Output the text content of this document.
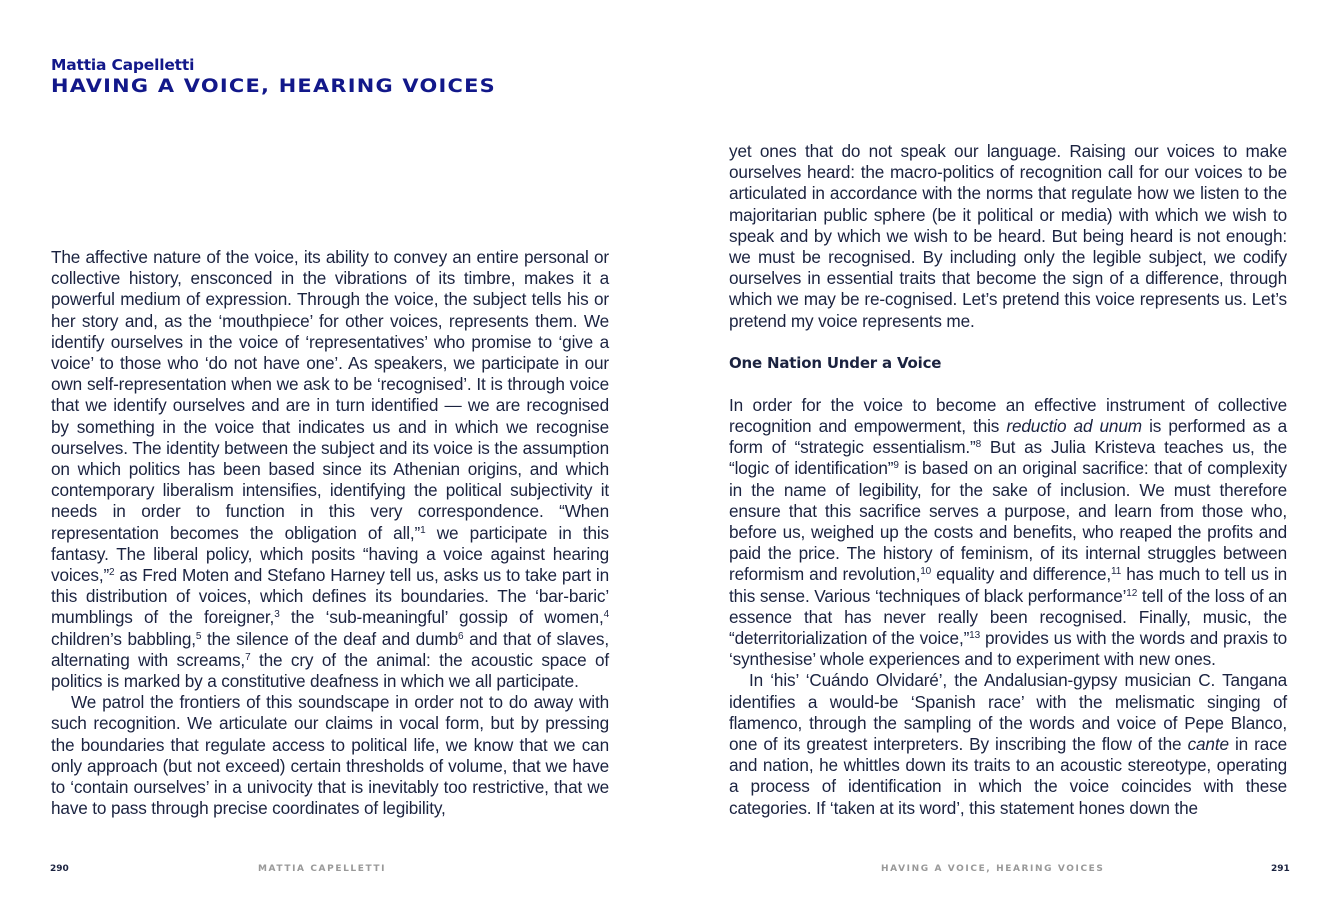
Mattia Capelletti
HAVING A VOICE, HEARING VOICES

The affective nature of the voice, its ability to convey an entire personal or collective history, ensconced in the vibrations of its timbre, makes it a powerful medium of expression. Through the voice, the subject tells his or her story and, as the ‘mouthpiece’ for other voices, represents them. We identify ourselves in the voice of ‘representatives’ who promise to ‘give a voice’ to those who ‘do not have one’. As speakers, we participate in our own self-representation when we ask to be ‘recognised’. It is through voice that we identify ourselves and are in turn identified — we are recognised by something in the voice that indicates us and in which we recognise ourselves. The identity between the subject and its voice is the assumption on which politics has been based since its Athenian origins, and which contemporary liberalism intensifies, identifying the political subjectivity it needs in order to function in this very correspondence. “When representation becomes the obligation of all,”$^1$ we participate in this fantasy. The liberal policy, which posits “having a voice against hearing voices,”$^2$ as Fred Moten and Stefano Harney tell us, asks us to take part in this distribution of voices, which defines its boundaries. The ‘bar-baric’ mumblings of the foreigner,$^3$ the ‘sub-meaningful’ gossip of women,$^4$ children’s babbling,$^5$ the silence of the deaf and dumb$^6$ and that of slaves, alternating with screams,$^7$ the cry of the animal: the acoustic space of politics is marked by a constitutive deafness in which we all participate.

We patrol the frontiers of this soundscape in order not to do away with such recognition. We articulate our claims in vocal form, but by pressing the boundaries that regulate access to political life, we know that we can only approach (but not exceed) certain thresholds of volume, that we have to ‘contain ourselves’ in a univocity that is inevitably too restrictive, that we have to pass through precise coordinates of legibility,

290	MATTIA CAPELLETTI

yet ones that do not speak our language. Raising our voices to make ourselves heard: the macro-politics of recognition call for our voices to be articulated in accordance with the norms that regulate how we listen to the majoritarian public sphere (be it political or media) with which we wish to speak and by which we wish to be heard. But being heard is not enough: we must be recognised. By including only the legible subject, we codify ourselves in essential traits that become the sign of a difference, through which we may be re-cognised. Let’s pretend this voice represents us. Let’s pretend my voice represents me.

One Nation Under a Voice

In order for the voice to become an effective instrument of collective recognition and empowerment, this reductio ad unum is performed as a form of “strategic essentialism.”$^8$ But as Julia Kristeva teaches us, the “logic of identification”$^9$ is based on an original sacrifice: that of complexity in the name of legibility, for the sake of inclusion. We must therefore ensure that this sacrifice serves a purpose, and learn from those who, before us, weighed up the costs and benefits, who reaped the profits and paid the price. The history of feminism, of its internal struggles between reformism and revolution,$^{10}$ equality and difference,$^{11}$ has much to tell us in this sense. Various ‘techniques of black performance’$^{12}$ tell of the loss of an essence that has never really been recognised. Finally, music, the “deterritorialization of the voice,”$^{13}$ provides us with the words and praxis to ‘synthesise’ whole experiences and to experiment with new ones.

In ‘his’ ‘Cuándo Olvidaré’, the Andalusian-gypsy musician C. Tangana identifies a would-be ‘Spanish race’ with the melismatic singing of flamenco, through the sampling of the words and voice of Pepe Blanco, one of its greatest interpreters. By inscribing the flow of the cante in race and nation, he whittles down its traits to an acoustic stereotype, operating a process of identification in which the voice coincides with these categories. If ‘taken at its word’, this statement hones down the

HAVING A VOICE, HEARING VOICES	291
